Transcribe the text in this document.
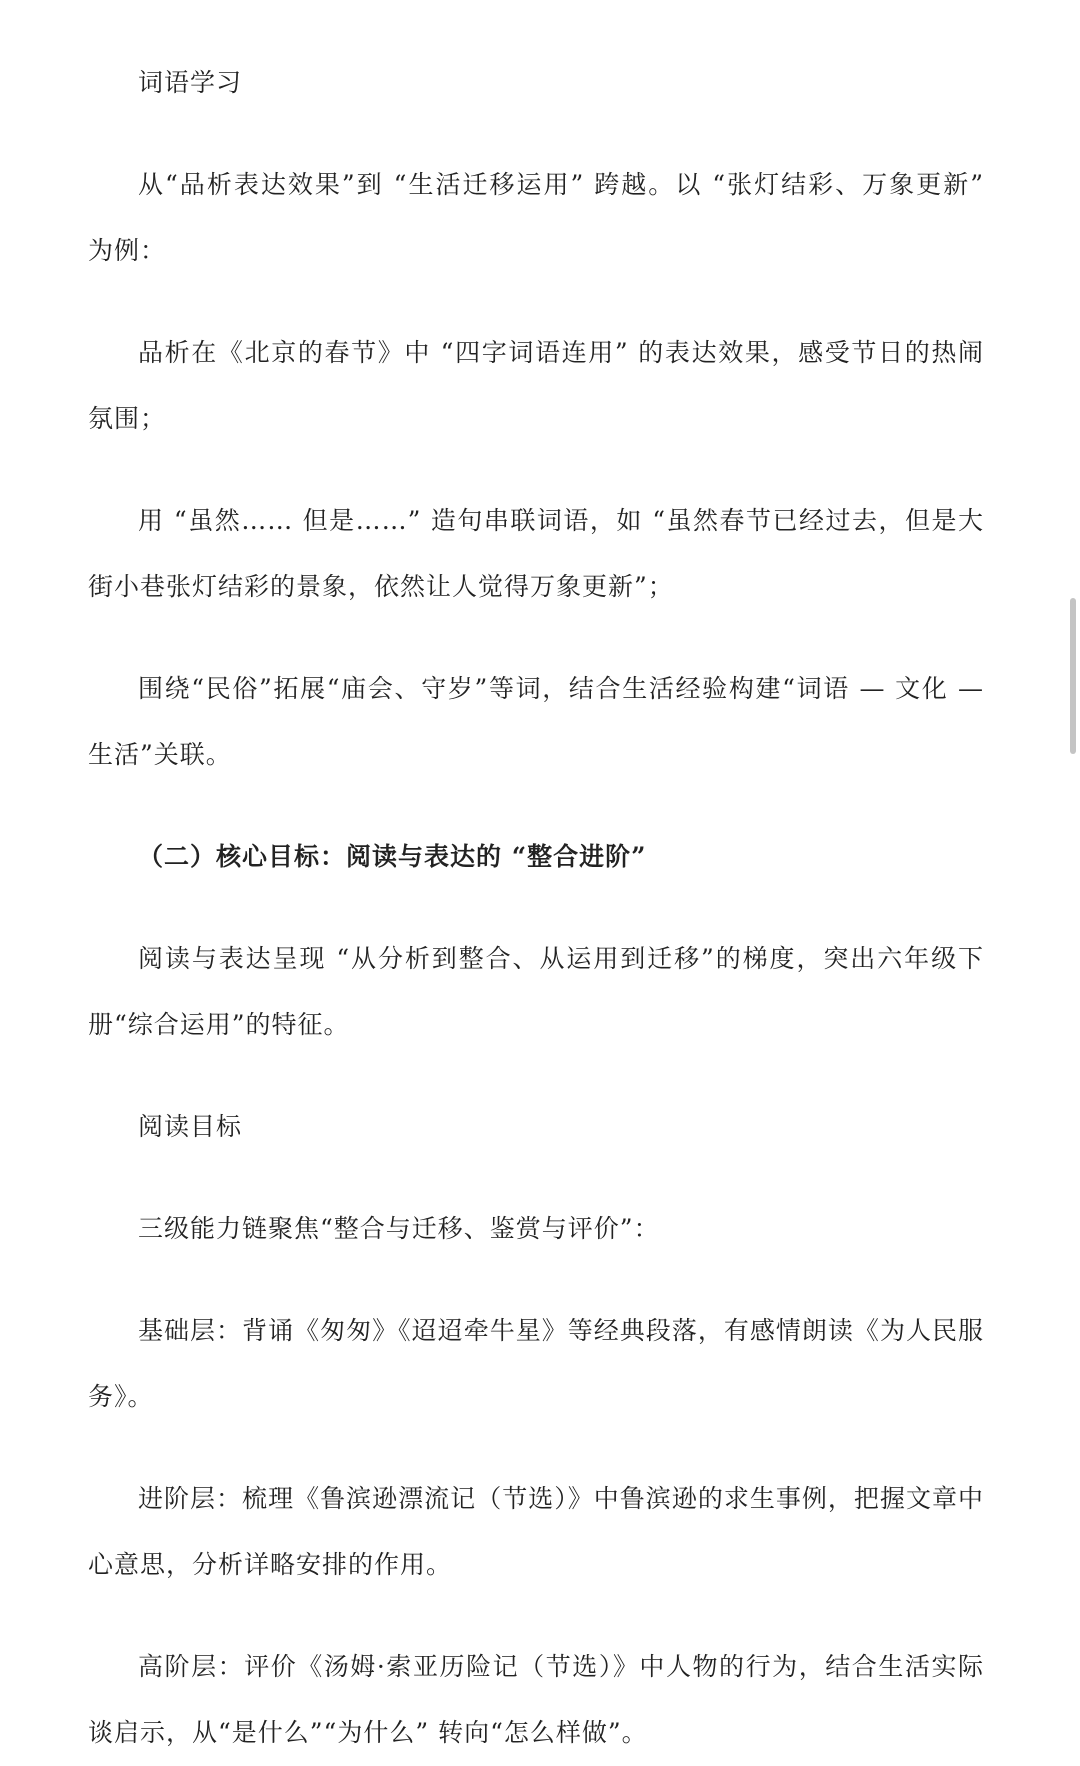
词语学习

从“品析表达效果”到 “生活迁移运用” 跨越。以 “张灯结彩、万象更新” 为例：

品析在《北京的春节》中 “四字词语连用” 的表达效果，感受节日的热闹氛围；

用 “虽然…… 但是……” 造句串联词语，如 “虽然春节已经过去，但是大街小巷张灯结彩的景象，依然让人觉得万象更新”；

围绕“民俗”拓展“庙会、守岁”等词，结合生活经验构建“词语 — 文化 — 生活”关联。

（二）核心目标：阅读与表达的 “整合进阶”

阅读与表达呈现 “从分析到整合、从运用到迁移”的梯度，突出六年级下册“综合运用”的特征。

阅读目标

三级能力链聚焦“整合与迁移、鉴赏与评价”：

基础层：背诵《匆匆》《迢迢牵牛星》等经典段落，有感情朗读《为人民服务》。

进阶层：梳理《鲁滨逊漂流记（节选）》中鲁滨逊的求生事例，把握文章中心意思，分析详略安排的作用。

高阶层：评价《汤姆·索亚历险记（节选）》中人物的行为，结合生活实际谈启示，从“是什么”“为什么” 转向“怎么样做”。
